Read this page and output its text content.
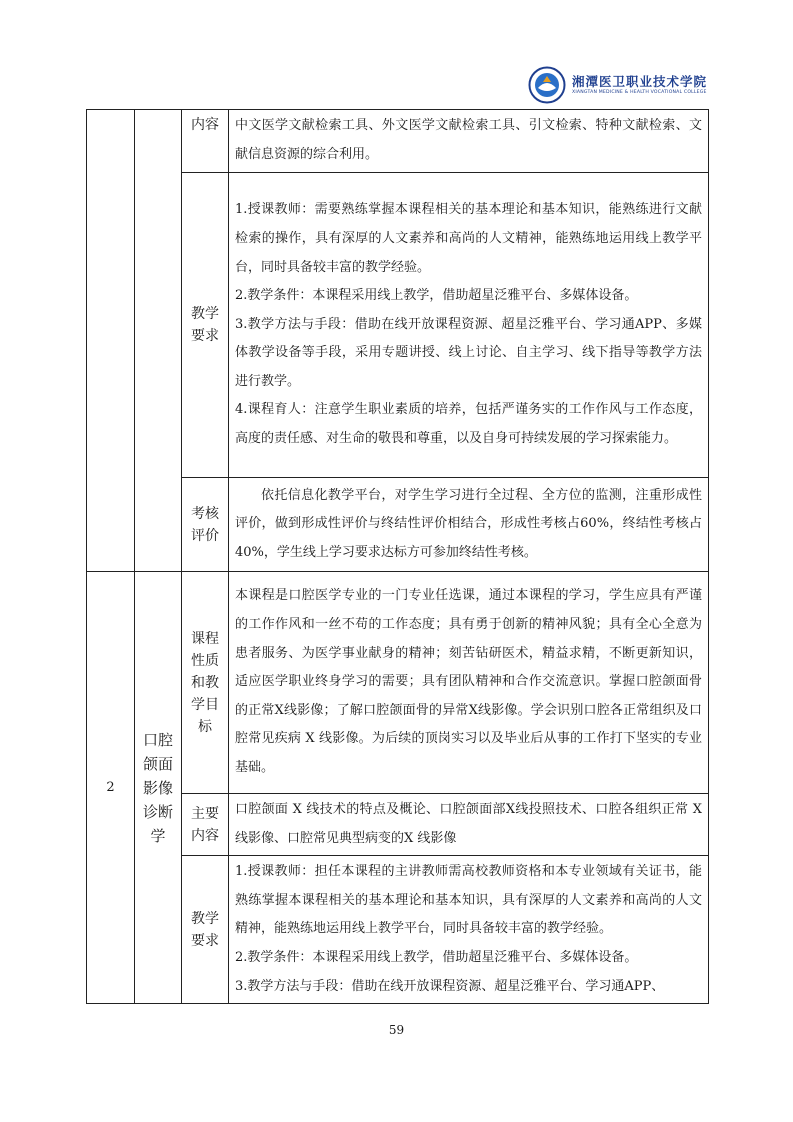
湘潭医卫职业技术学院
XIANGTAN MEDICINE & HEALTH VOCATIONAL COLLEGE
		内容	中文医学文献检索工具、外文医学文献检索工具、引文检索、特种文献检索、文献信息资源的综合利用。

		教学要求	1.授课教师：需要熟练掌握本课程相关的基本理论和基本知识，能熟练进行文献检索的操作，具有深厚的人文素养和高尚的人文精神，能熟练地运用线上教学平台，同时具备较丰富的教学经验。

2.教学条件：本课程采用线上教学，借助超星泛雅平台、多媒体设备。

3.教学方法与手段：借助在线开放课程资源、超星泛雅平台、学习通APP、多媒体教学设备等手段，采用专题讲授、线上讨论、自主学习、线下指导等教学方法进行教学。

4.课程育人：注意学生职业素质的培养，包括严谨务实的工作作风与工作态度，高度的责任感、对生命的敬畏和尊重，以及自身可持续发展的学习探索能力。

		考核评价	依托信息化教学平台，对学生学习进行全过程、全方位的监测，注重形成性评价，做到形成性评价与终结性评价相结合，形成性考核占60%，终结性考核占40%，学生线上学习要求达标方可参加终结性考核。

2	口腔颌面影像诊断学	课程性质和教学目标	本课程是口腔医学专业的一门专业任选课，通过本课程的学习，学生应具有严谨的工作作风和一丝不苟的工作态度；具有勇于创新的精神风貌；具有全心全意为患者服务、为医学事业献身的精神；刻苦钻研医术，精益求精，不断更新知识，适应医学职业终身学习的需要；具有团队精神和合作交流意识。掌握口腔颌面骨的正常X线影像；了解口腔颌面骨的异常X线影像。学会识别口腔各正常组织及口腔常见疾病 X 线影像。为后续的顶岗实习以及毕业后从事的工作打下坚实的专业基础。

		主要内容	口腔颌面 X 线技术的特点及概论、口腔颌面部X线投照技术、口腔各组织正常 X 线影像、口腔常见典型病变的X 线影像

		教学要求	1.授课教师：担任本课程的主讲教师需高校教师资格和本专业领域有关证书，能熟练掌握本课程相关的基本理论和基本知识，具有深厚的人文素养和高尚的人文精神，能熟练地运用线上教学平台，同时具备较丰富的教学经验。

2.教学条件：本课程采用线上教学，借助超星泛雅平台、多媒体设备。

3.教学方法与手段：借助在线开放课程资源、超星泛雅平台、学习通APP、

59
